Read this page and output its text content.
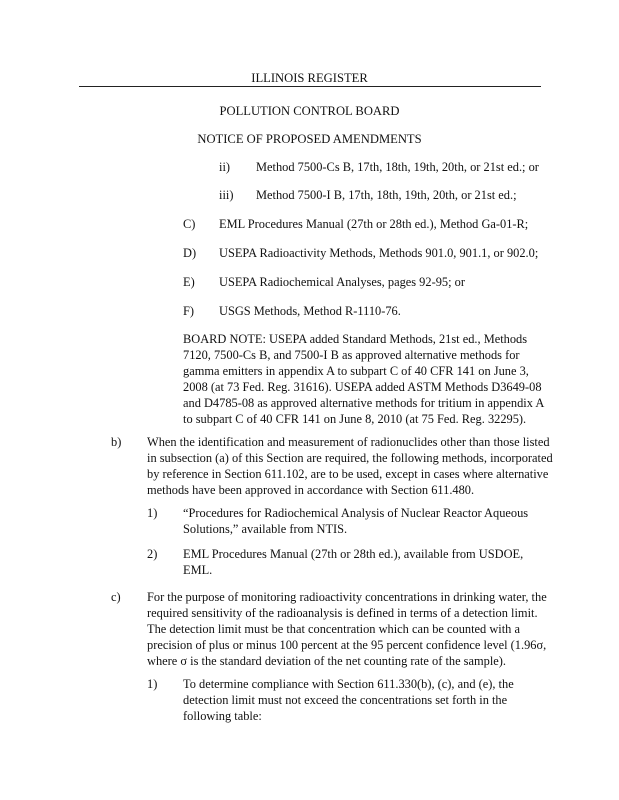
ILLINOIS REGISTER
POLLUTION CONTROL BOARD
NOTICE OF PROPOSED AMENDMENTS
ii) Method 7500-Cs B, 17th, 18th, 19th, 20th, or 21st ed.; or
iii) Method 7500-I B, 17th, 18th, 19th, 20th, or 21st ed.;
C) EML Procedures Manual (27th or 28th ed.), Method Ga-01-R;
D) USEPA Radioactivity Methods, Methods 901.0, 901.1, or 902.0;
E) USEPA Radiochemical Analyses, pages 92-95; or
F) USGS Methods, Method R-1110-76.
BOARD NOTE: USEPA added Standard Methods, 21st ed., Methods
7120, 7500-Cs B, and 7500-I B as approved alternative methods for
gamma emitters in appendix A to subpart C of 40 CFR 141 on June 3,
2008 (at 73 Fed. Reg. 31616). USEPA added ASTM Methods D3649-08
and D4785-08 as approved alternative methods for tritium in appendix A
to subpart C of 40 CFR 141 on June 8, 2010 (at 75 Fed. Reg. 32295).
b) When the identification and measurement of radionuclides other than those listed
in subsection (a) of this Section are required, the following methods, incorporated
by reference in Section 611.102, are to be used, except in cases where alternative
methods have been approved in accordance with Section 611.480.
1) “Procedures for Radiochemical Analysis of Nuclear Reactor Aqueous
Solutions,” available from NTIS.
2) EML Procedures Manual (27th or 28th ed.), available from USDOE,
EML.
c) For the purpose of monitoring radioactivity concentrations in drinking water, the
required sensitivity of the radioanalysis is defined in terms of a detection limit.
The detection limit must be that concentration which can be counted with a
precision of plus or minus 100 percent at the 95 percent confidence level (1.96σ,
where σ is the standard deviation of the net counting rate of the sample).
1) To determine compliance with Section 611.330(b), (c), and (e), the
detection limit must not exceed the concentrations set forth in the
following table:
